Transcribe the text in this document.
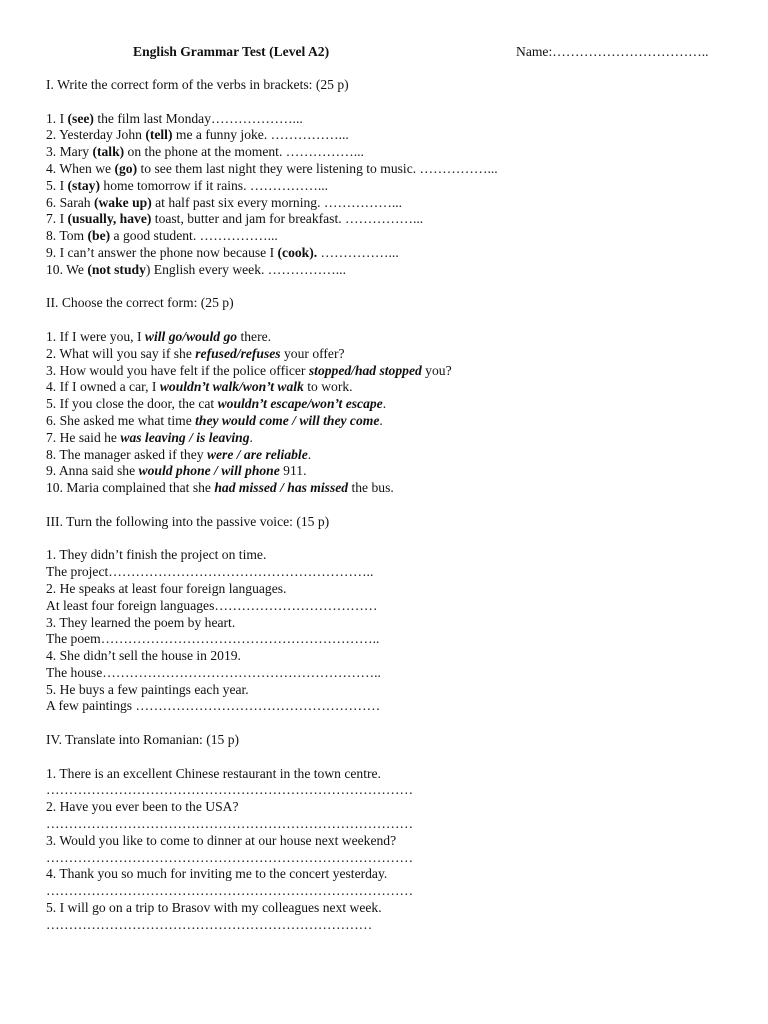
English Grammar Test (Level A2)	Name:……………………………..
I. Write the correct form of the verbs in brackets: (25 p)
1. I (see) the film last Monday………………...
2. Yesterday John (tell) me a funny joke. ……………...
3. Mary (talk) on the phone at the moment. ……………...
4. When we (go) to see them last night they were listening to music. ……………...
5. I (stay) home tomorrow if it rains. ……………...
6. Sarah (wake up) at half past six every morning. ……………...
7. I (usually, have) toast, butter and jam for breakfast. ……………...
8. Tom (be) a good student. ……………...
9. I can’t answer the phone now because I (cook). ……………...
10. We (not study) English every week. ……………...
II. Choose the correct form: (25 p)
1. If I were you, I will go/would go there.
2. What will you say if she refused/refuses your offer?
3. How would you have felt if the police officer stopped/had stopped you?
4. If I owned a car, I wouldn’t walk/won’t walk to work.
5. If you close the door, the cat wouldn’t escape/won’t escape.
6. She asked me what time they would come / will they come.
7. He said he was leaving / is leaving.
8. The manager asked if they were / are reliable.
9. Anna said she would phone / will phone 911.
10. Maria complained that she had missed / has missed the bus.
III. Turn the following into the passive voice: (15 p)
1. They didn’t finish the project on time.
The project…………………………………………………..
2. He speaks at least four foreign languages.
At least four foreign languages………………………………
3. They learned the poem by heart.
The poem……………………………………………………..
4. She didn’t sell the house in 2019.
The house……………………………………………………..
5. He buys a few paintings each year.
A few paintings ………………………………………………
IV. Translate into Romanian: (15 p)
1. There is an excellent Chinese restaurant in the town centre.
………………………………………………………………………
2. Have you ever been to the USA?
………………………………………………………………………
3. Would you like to come to dinner at our house next weekend?
………………………………………………………………………
4. Thank you so much for inviting me to the concert yesterday.
………………………………………………………………………
5. I will go on a trip to Brasov with my colleagues next week.
………………………………………………………………
